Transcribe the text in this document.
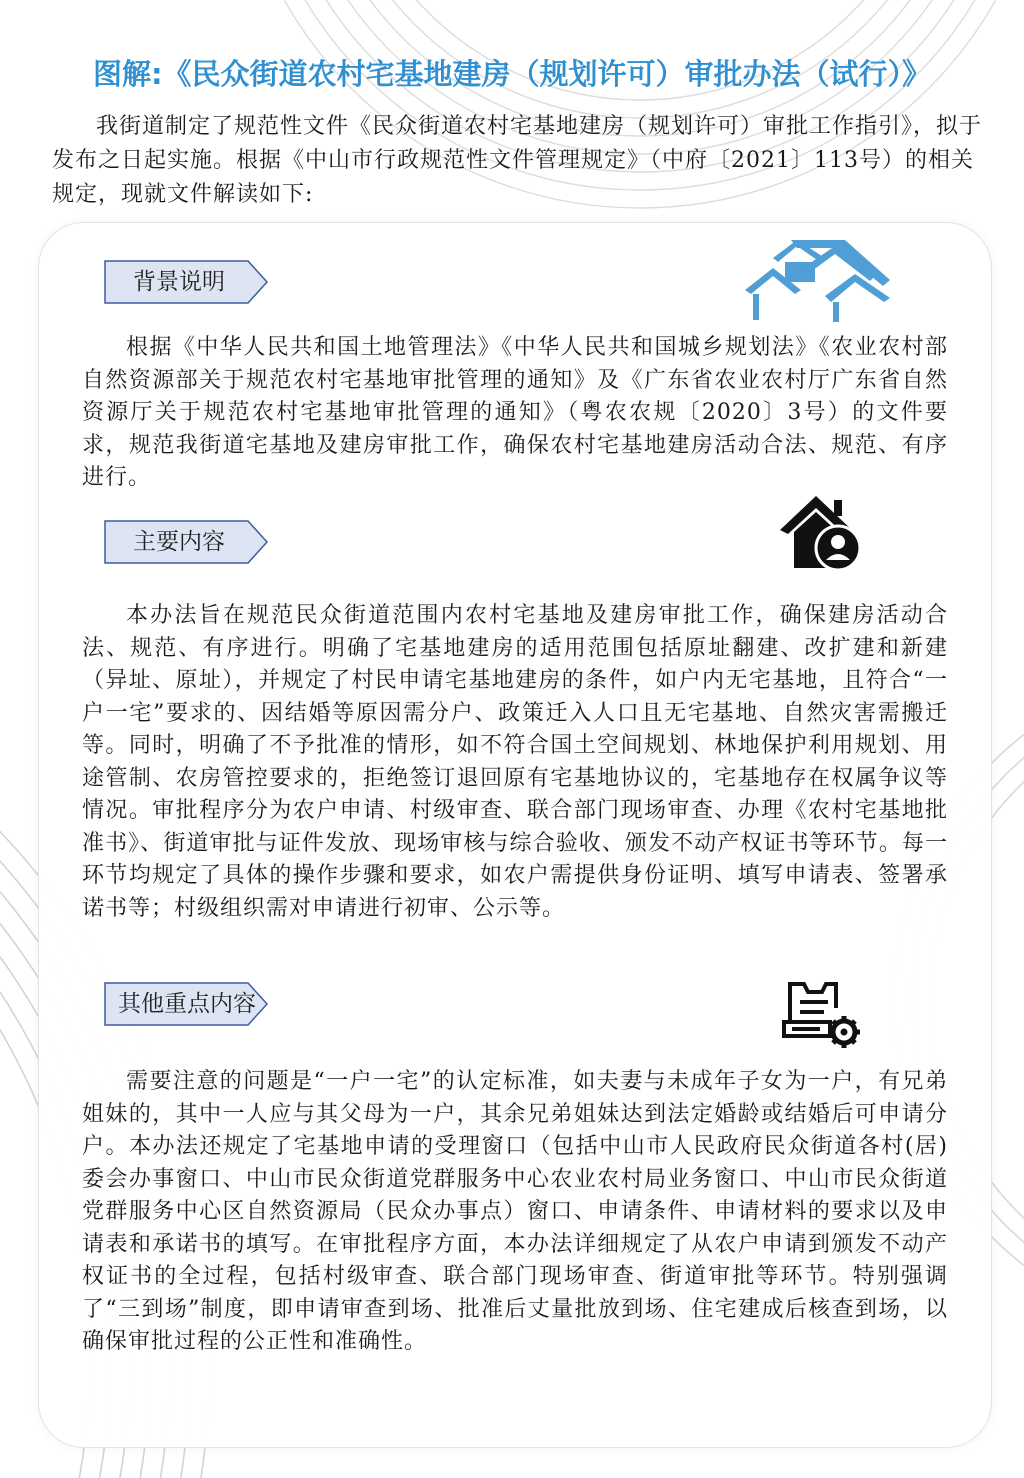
图解:《民众街道农村宅基地建房（规划许可）审批办法（试行）》

我街道制定了规范性文件《民众街道农村宅基地建房（规划许可）审批工作指引》，拟于发布之日起实施。根据《中山市行政规范性文件管理规定》（中府〔2021〕113号）的相关规定，现就文件解读如下:

背景说明

根据《中华人民共和国土地管理法》《中华人民共和国城乡规划法》《农业农村部自然资源部关于规范农村宅基地审批管理的通知》及《广东省农业农村厅广东省自然资源厅关于规范农村宅基地审批管理的通知》（粤农农规〔2020〕3号）的文件要求，规范我街道宅基地及建房审批工作，确保农村宅基地建房活动合法、规范、有序进行。

主要内容

本办法旨在规范民众街道范围内农村宅基地及建房审批工作，确保建房活动合法、规范、有序进行。明确了宅基地建房的适用范围包括原址翻建、改扩建和新建（异址、原址），并规定了村民申请宅基地建房的条件，如户内无宅基地，且符合“一户一宅”要求的、因结婚等原因需分户、政策迁入人口且无宅基地、自然灾害需搬迁等。同时，明确了不予批准的情形，如不符合国土空间规划、林地保护利用规划、用途管制、农房管控要求的，拒绝签订退回原有宅基地协议的，宅基地存在权属争议等情况。审批程序分为农户申请、村级审查、联合部门现场审查、办理《农村宅基地批准书》、街道审批与证件发放、现场审核与综合验收、颁发不动产权证书等环节。每一环节均规定了具体的操作步骤和要求，如农户需提供身份证明、填写申请表、签署承诺书等；村级组织需对申请进行初审、公示等。

其他重点内容

需要注意的问题是“一户一宅”的认定标准，如夫妻与未成年子女为一户，有兄弟姐妹的，其中一人应与其父母为一户，其余兄弟姐妹达到法定婚龄或结婚后可申请分户。本办法还规定了宅基地申请的受理窗口（包括中山市人民政府民众街道各村(居)委会办事窗口、中山市民众街道党群服务中心农业农村局业务窗口、中山市民众街道党群服务中心区自然资源局（民众办事点）窗口、申请条件、申请材料的要求以及申请表和承诺书的填写。在审批程序方面，本办法详细规定了从农户申请到颁发不动产权证书的全过程，包括村级审查、联合部门现场审查、街道审批等环节。特别强调了“三到场”制度，即申请审查到场、批准后丈量批放到场、住宅建成后核查到场，以确保审批过程的公正性和准确性。
